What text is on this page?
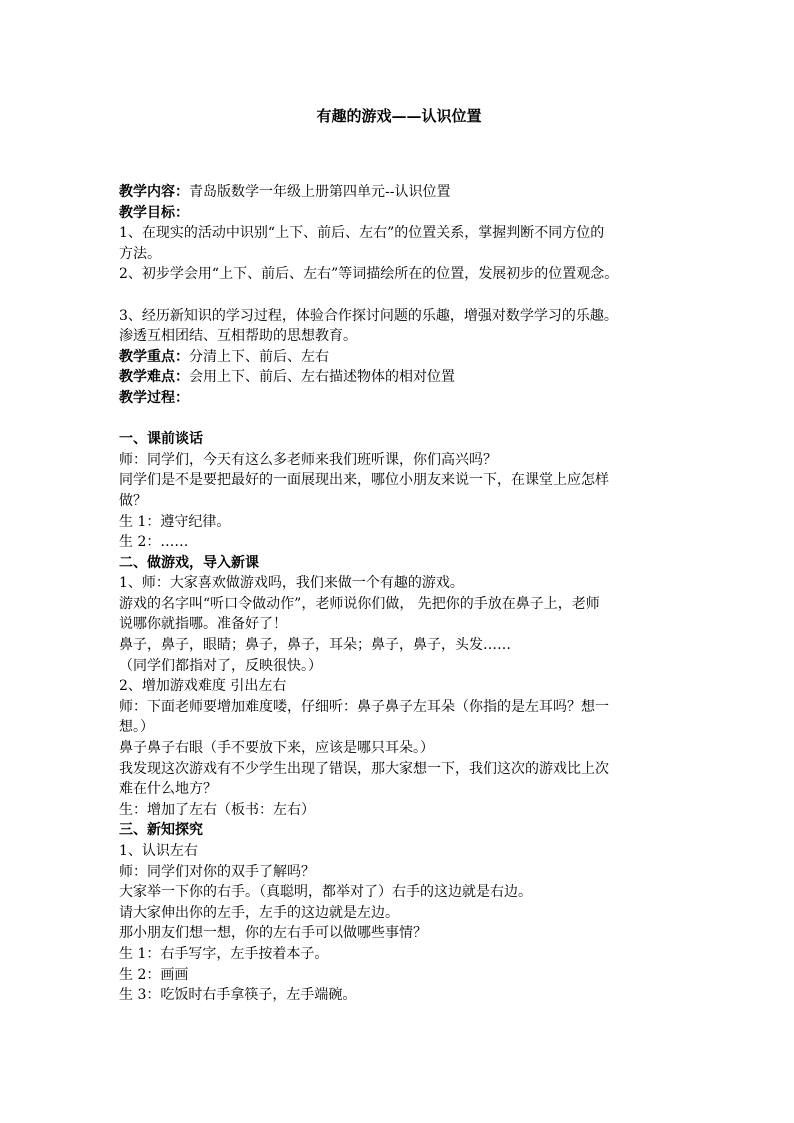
有趣的游戏——认识位置

教学内容：青岛版数学一年级上册第四单元--认识位置

教学目标：

1、在现实的活动中识别“上下、前后、左右”的位置关系，掌握判断不同方位的

方法。

2、初步学会用“上下、前后、左右”等词描绘所在的位置，发展初步的位置观念。

3、经历新知识的学习过程，体验合作探讨问题的乐趣，增强对数学学习的乐趣。

渗透互相团结、互相帮助的思想教育。

教学重点：分清上下、前后、左右

教学难点：会用上下、前后、左右描述物体的相对位置

教学过程：

一、课前谈话

师：同学们，今天有这么多老师来我们班听课，你们高兴吗？

同学们是不是要把最好的一面展现出来，哪位小朋友来说一下，在课堂上应怎样

做？

生 1：遵守纪律。

生 2：……

二、做游戏，导入新课

1、师：大家喜欢做游戏吗，我们来做一个有趣的游戏。

游戏的名字叫“听口令做动作”，老师说你们做， 先把你的手放在鼻子上，老师

说哪你就指哪。准备好了！

鼻子，鼻子，眼睛；鼻子，鼻子，耳朵；鼻子，鼻子，头发……

（同学们都指对了，反映很快。）

2、增加游戏难度 引出左右

师：下面老师要增加难度喽，仔细听：鼻子鼻子左耳朵（你指的是左耳吗？想一

想。）

鼻子鼻子右眼（手不要放下来，应该是哪只耳朵。）

我发现这次游戏有不少学生出现了错误，那大家想一下，我们这次的游戏比上次

难在什么地方？

生：增加了左右（板书：左右）

三、新知探究

1、认识左右

师：同学们对你的双手了解吗？

大家举一下你的右手。（真聪明，都举对了）右手的这边就是右边。

请大家伸出你的左手，左手的这边就是左边。

那小朋友们想一想，你的左右手可以做哪些事情？

生 1：右手写字，左手按着本子。

生 2：画画

生 3：吃饭时右手拿筷子，左手端碗。
